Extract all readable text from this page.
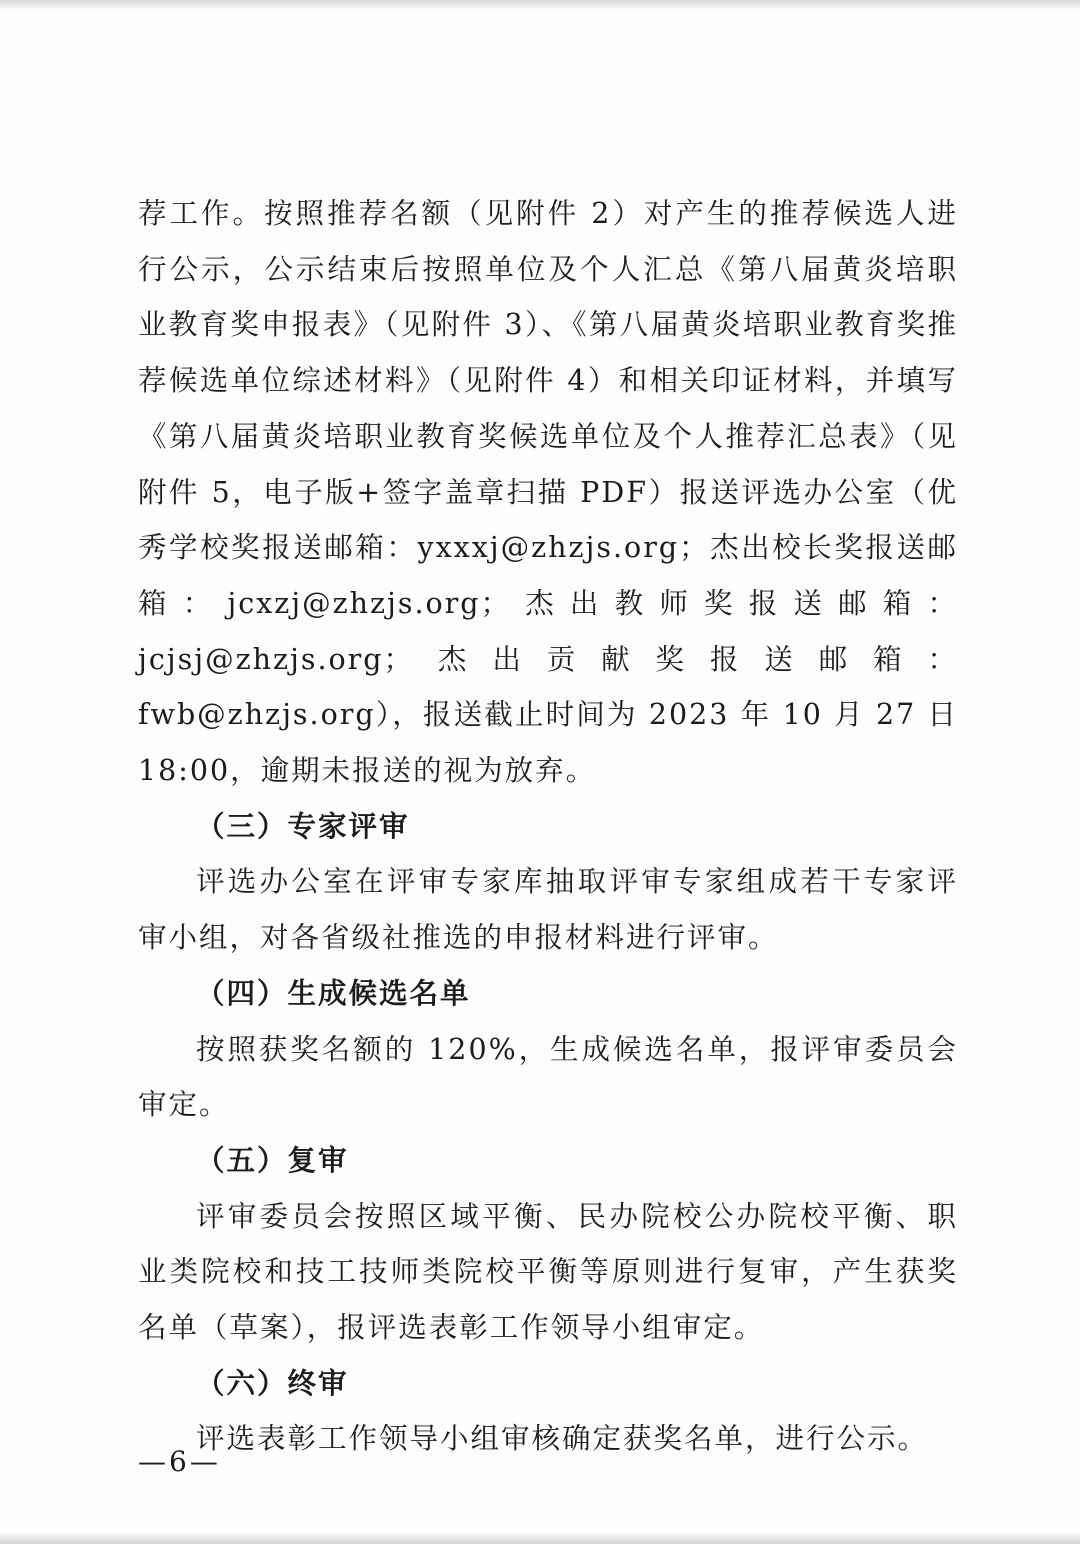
荐工作。按照推荐名额（见附件 2）对产生的推荐候选人进行公示，公示结束后按照单位及个人汇总《第八届黄炎培职业教育奖申报表》（见附件 3）、《第八届黄炎培职业教育奖推荐候选单位综述材料》（见附件 4）和相关印证材料，并填写《第八届黄炎培职业教育奖候选单位及个人推荐汇总表》（见附件 5，电子版+签字盖章扫描 PDF）报送评选办公室（优秀学校奖报送邮箱：yxxxj@zhzjs.org；杰出校长奖报送邮箱：jcxzj@zhzjs.org；杰出教师奖报送邮箱：jcjsj@zhzjs.org；杰出贡献奖报送邮箱：fwb@zhzjs.org），报送截止时间为 2023 年 10 月 27 日 18:00，逾期未报送的视为放弃。

（三）专家评审

评选办公室在评审专家库抽取评审专家组成若干专家评审小组，对各省级社推选的申报材料进行评审。

（四）生成候选名单

按照获奖名额的 120%，生成候选名单，报评审委员会审定。

（五）复审

评审委员会按照区域平衡、民办院校公办院校平衡、职业类院校和技工技师类院校平衡等原则进行复审，产生获奖名单（草案），报评选表彰工作领导小组审定。

（六）终审

评选表彰工作领导小组审核确定获奖名单，进行公示。

—6—
